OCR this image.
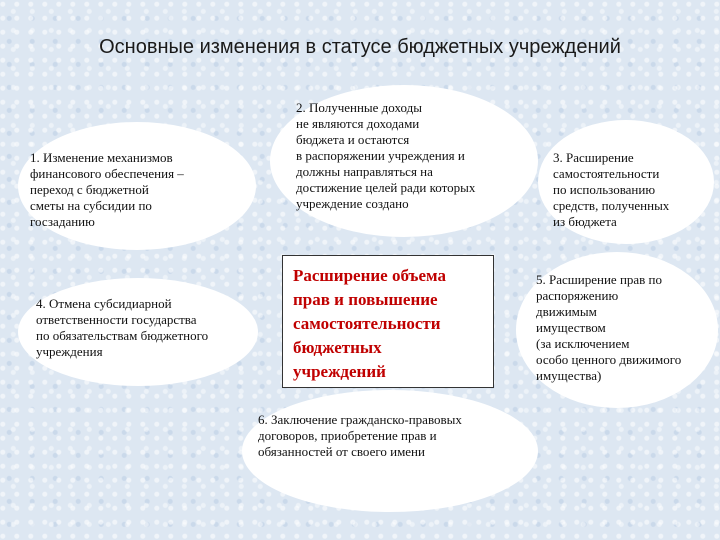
Основные изменения в статусе бюджетных учреждений
1. Изменение механизмов
финансового обеспечения –
переход с бюджетной
сметы на субсидии по
госзаданию
2. Полученные доходы
не являются доходами
бюджета и остаются
в распоряжении учреждения и
должны направляться на
достижение целей ради которых
учреждение создано
3. Расширение
самостоятельности
по использованию
средств, полученных
из бюджета
4. Отмена субсидиарной
ответственности государства
по обязательствам бюджетного
учреждения
5. Расширение прав по
распоряжению
движимым
имуществом
(за исключением
особо ценного движимого
имущества)
6. Заключение гражданско-правовых
договоров, приобретение прав и
обязанностей от своего имени
Расширение объема
прав и повышение
самостоятельности
бюджетных
учреждений
